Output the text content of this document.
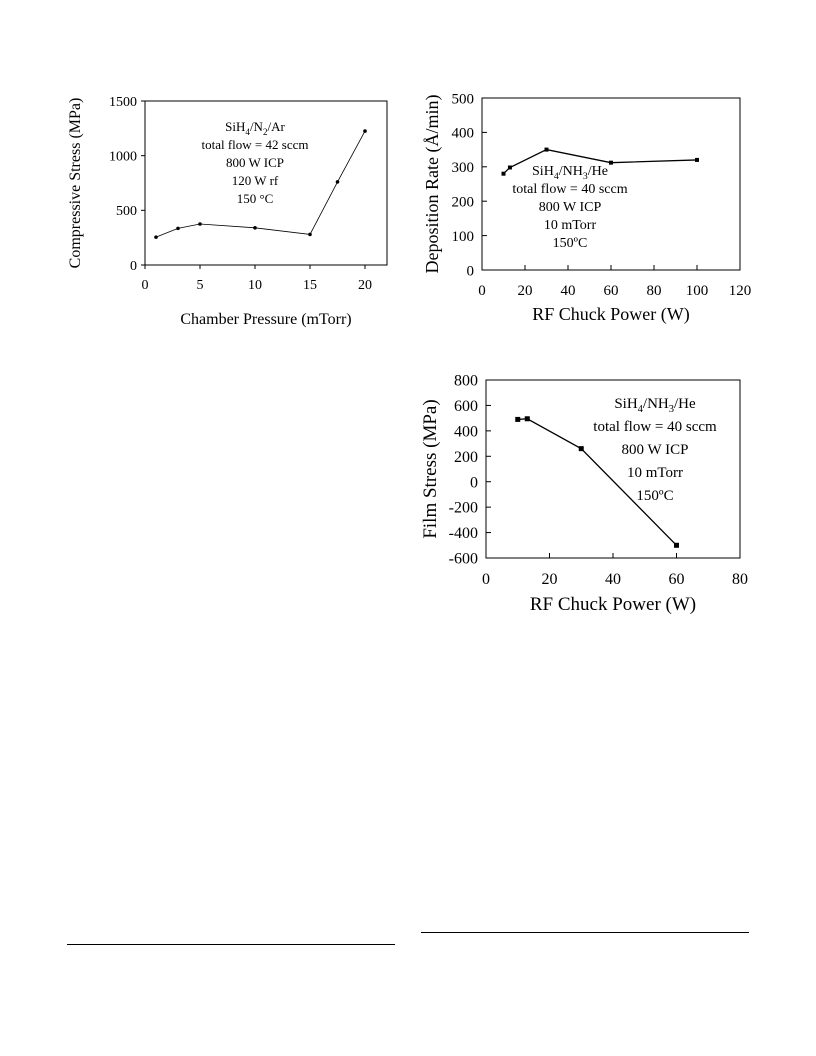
0
500
1000
1500
0	5	10	15	20
Chamber Pressure (mTorr)
Compressive Stress (MPa)	$SiH_4/N_2/Ar$
total flow = 42 sccm
800 W ICP
120 W rf
150 °C
0
100
200
300
400
500
0 20 40 60 80 100 120
RF Chuck Power (W)
Deposition Rate (Å/min)	$SiH_4/NH_3/He$
total flow = 40 sccm
800 W ICP
10 mTorr
150ºC
-600
-400
-200
0
200
400
600
800
0	20	40	60	80
RF Chuck Power (W)
Film Stress (MPa)	$SiH_4/NH_3/He$
total flow = 40 sccm
800 W ICP
10 mTorr
150ºC
